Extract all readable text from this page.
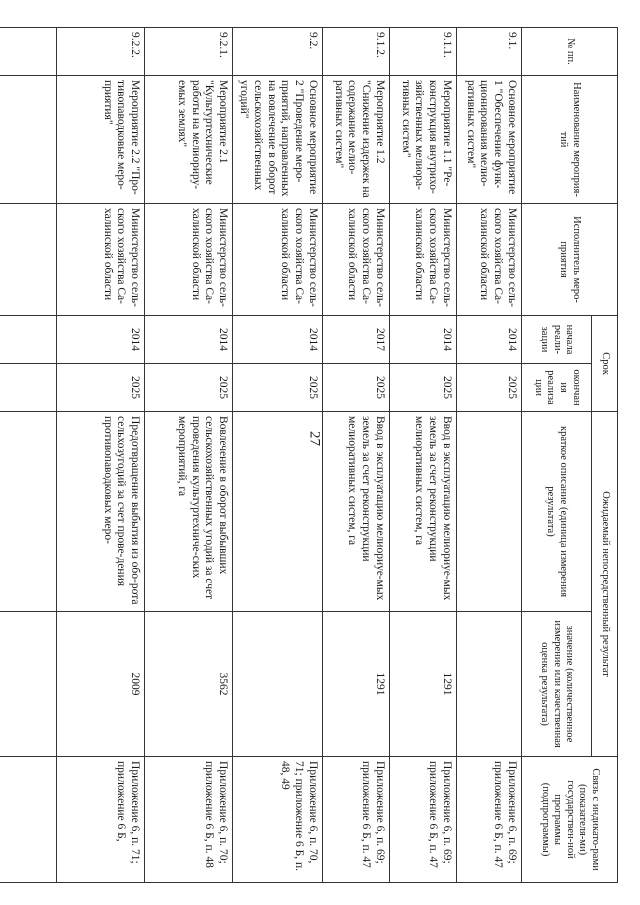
27
№ пп.	Наименование мероприя-тий	Исполнитель меро-приятия	Срок		Ожидаемый непосредственный результат		Связь с индикато-рами (показателя-ми) государствен-ной программы (подпрограммы)
			начала реали-зации	окончания реализации	краткое описание (единица измерения результата)	значение (количественное измерение или качественная оценка результата)	
9.1.	Основное мероприятие 1 "Обеспечение функ-ционирования мелио-ративных систем"	Министерство сель-ского хозяйства Са-халинской области	2014	2025			Приложение 6, п. 69; приложение 6 Б, п. 47
9.1.1.	Мероприятие 1.1 "Ре-конструкция внутрихо-зяйственных мелиора-тивных систем"	Министерство сель-ского хозяйства Са-халинской области	2014	2025	Ввод в эксплуатацию мелиориуе-мых земель за счет реконструкции мелиоративных систем, га	1291	Приложение 6, п. 69; приложение 6 Б, п. 47
9.1.2.	Мероприятие 1.2 "Снижение издержек на содержание мелио-ративных систем"	Министерство сель-ского хозяйства Са-халинской области	2017	2025	Ввод в эксплуатацию мелиориуе-мых земель за счет реконструкции мелиоративных систем, га	1291	Приложение 6, п. 69; приложение 6 Б, п. 47
9.2.	Основное мероприятие 2 "Проведение меро-приятий, направленных на вовлечение в оборот сельскохозяйственных угодий"	Министерство сель-ского хозяйства Са-халинской области	2014	2025			Приложение 6, п. 70, 71; приложение 6 Б, п. 48, 49
9.2.1.	Мероприятие 2.1 "Культуртехнические работы на мелиориру-емых землях"	Министерство сель-ского хозяйства Са-халинской области	2014	2025	Вовлечение в оборот выбывших сельскохозяйственных угодий за счет проведения культуртехниче-ских мероприятий, га	3562	Приложение 6, п. 70; приложение 6 Б, п. 48
9.2.2.	Мероприятие 2.2 "Про-тивопаводковые меро-приятия"	Министерство сель-ского хозяйства Са-халинской области	2014	2025	Предотвращение выбытия из обо-рота сельхозугодий за счет прове-дения противопаводковых меро-	2009	Приложение 6, п. 71; приложение 6 Б,
